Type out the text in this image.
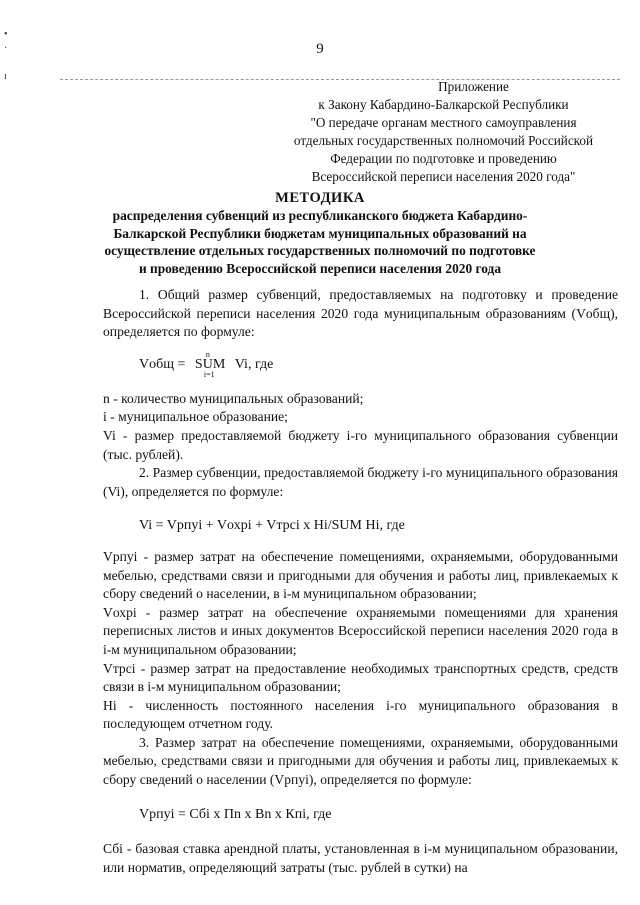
•
·
ɪ
9
Приложение
к Закону Кабардино-Балкарской Республики
"О передаче органам местного самоуправления
отдельных государственных полномочий Российской
Федерации по подготовке и проведению
Всероссийской переписи населения 2020 года"
МЕТОДИКА
распределения субвенций из республиканского бюджета Кабардино-
Балкарской Республики бюджетам муниципальных образований на
осуществление отдельных государственных полномочий по подготовке
и проведению Всероссийской переписи населения 2020 года

1. Общий размер субвенций, предоставляемых на подготовку и проведение Всероссийской переписи населения 2020 года муниципальным образованиям (Vобщ), определяется по формуле:

Vобщ =
n
SUM
i=1
Vi, где

n - количество муниципальных образований;

i - муниципальное образование;

Vi - размер предоставляемой бюджету i-го муниципального образования субвенции (тыс. рублей).

2. Размер субвенции, предоставляемой бюджету i-го муниципального образования (Vi), определяется по формуле:

Vi = Vрпуi + Vохрi + Vтрсi x Hi/SUM Hi, где

Vрпуi - размер затрат на обеспечение помещениями, охраняемыми, оборудованными мебелью, средствами связи и пригодными для обучения и работы лиц, привлекаемых к сбору сведений о населении, в i-м муниципальном образовании;

Vохрi - размер затрат на обеспечение охраняемыми помещениями для хранения переписных листов и иных документов Всероссийской переписи населения 2020 года в i-м муниципальном образовании;

Vтрсi - размер затрат на предоставление необходимых транспортных средств, средств связи в i-м муниципальном образовании;

Hi - численность постоянного населения i-го муниципального образования в последующем отчетном году.

3. Размер затрат на обеспечение помещениями, охраняемыми, оборудованными мебелью, средствами связи и пригодными для обучения и работы лиц, привлекаемых к сбору сведений о населении (Vрпуi), определяется по формуле:

Vрпуi = Сбi x Пn x Вn x Кпi, где

Сбi - базовая ставка арендной платы, установленная в i-м муниципальном образовании, или норматив, определяющий затраты (тыс. рублей в сутки) на
